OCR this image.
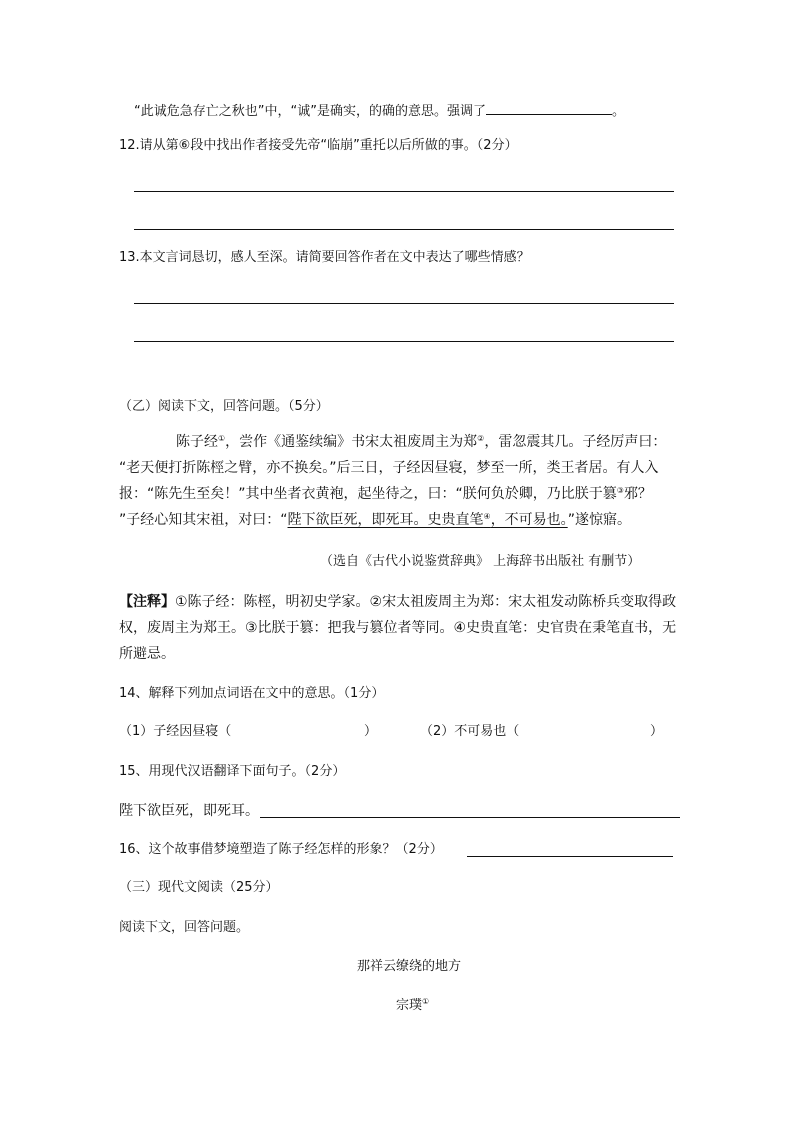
“此诚危急存亡之秋也”中，“诚”是确实，的确的意思。强调了	。
12.请从第⑥段中找出作者接受先帝“临崩”重托以后所做的事。（2分）
13.本文言词恳切，感人至深。请简要回答作者在文中表达了哪些情感？
（乙）阅读下文，回答问题。（5分）
陈子经①，尝作《通鉴续编》书宋太祖废周主为郑②，雷忽震其几。子经厉声曰：
“老天便打折陈桱之臂，亦不换矣。”后三日，子经因昼寝，梦至一所，类王者居。有人入
报：“陈先生至矣！”其中坐者衣黄袍，起坐待之，曰：“朕何负於卿，乃比朕于篡③邪？
”子经心知其宋祖，对曰：“陛下欲臣死，即死耳。史贵直笔④，不可易也。”遂惊寤。
（选自《古代小说鉴赏辞典》 上海辞书出版社 有删节）
【注释】①陈子经：陈桱，明初史学家。②宋太祖废周主为郑：宋太祖发动陈桥兵变取得政
权，废周主为郑王。③比朕于篡：把我与篡位者等同。④史贵直笔：史官贵在秉笔直书，无
所避忌。
14、解释下列加点词语在文中的意思。（1分）
（1）子经因昼寝（	）	（2）不可易也（	）
15、用现代汉语翻译下面句子。（2分）
陛下欲臣死，即死耳。
16、这个故事借梦境塑造了陈子经怎样的形象？（2分）
（三）现代文阅读（25分）
阅读下文，回答问题。
那祥云缭绕的地方
宗璞①
